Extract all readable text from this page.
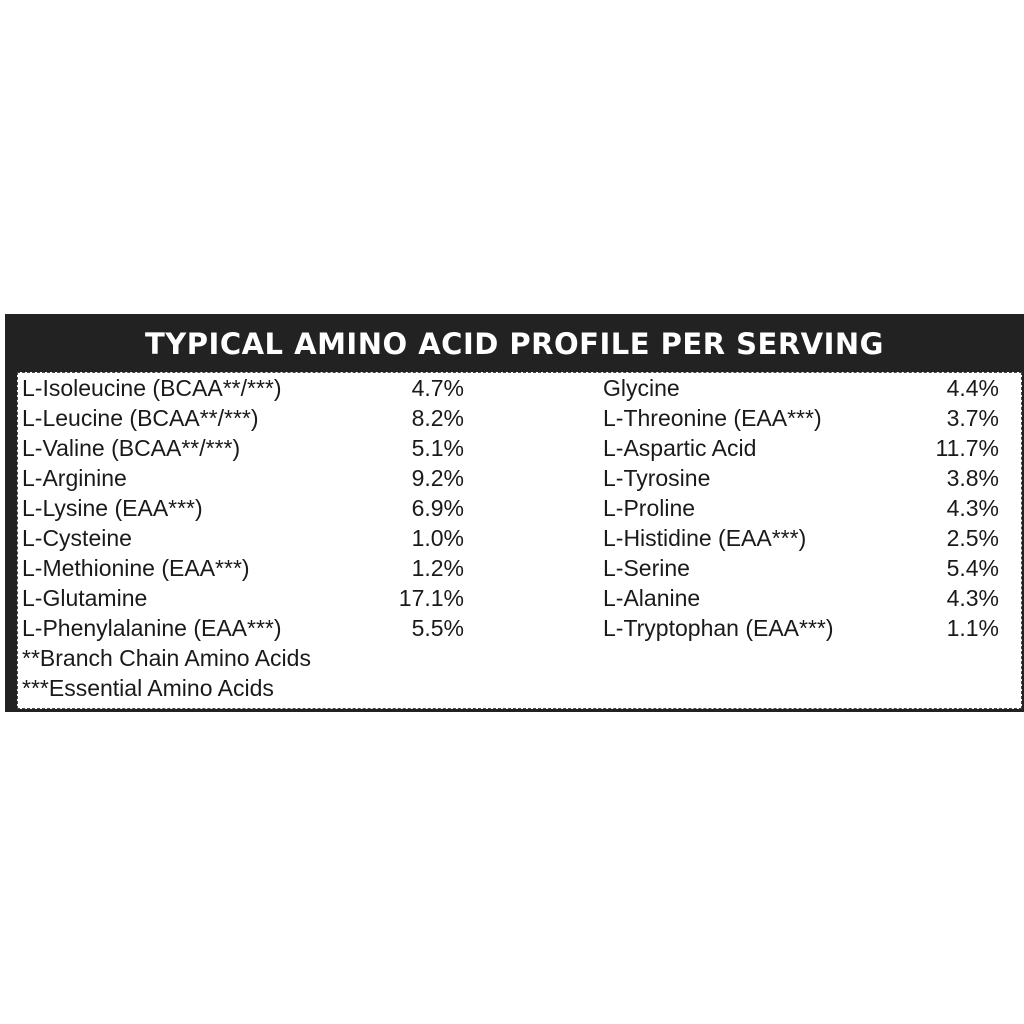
TYPICAL AMINO ACID PROFILE PER SERVING
L-Isoleucine (BCAA**/***)	4.7%
L-Leucine (BCAA**/***)	8.2%
L-Valine (BCAA**/***)	5.1%
L-Arginine	9.2%
L-Lysine (EAA***)	6.9%
L-Cysteine	1.0%
L-Methionine (EAA***)	1.2%
L-Glutamine	17.1%
L-Phenylalanine (EAA***)	5.5%
Glycine	4.4%
L-Threonine (EAA***)	3.7%
L-Aspartic Acid	11.7%
L-Tyrosine	3.8%
L-Proline	4.3%
L-Histidine (EAA***)	2.5%
L-Serine	5.4%
L-Alanine	4.3%
L-Tryptophan (EAA***)	1.1%
**Branch Chain Amino Acids
***Essential Amino Acids
